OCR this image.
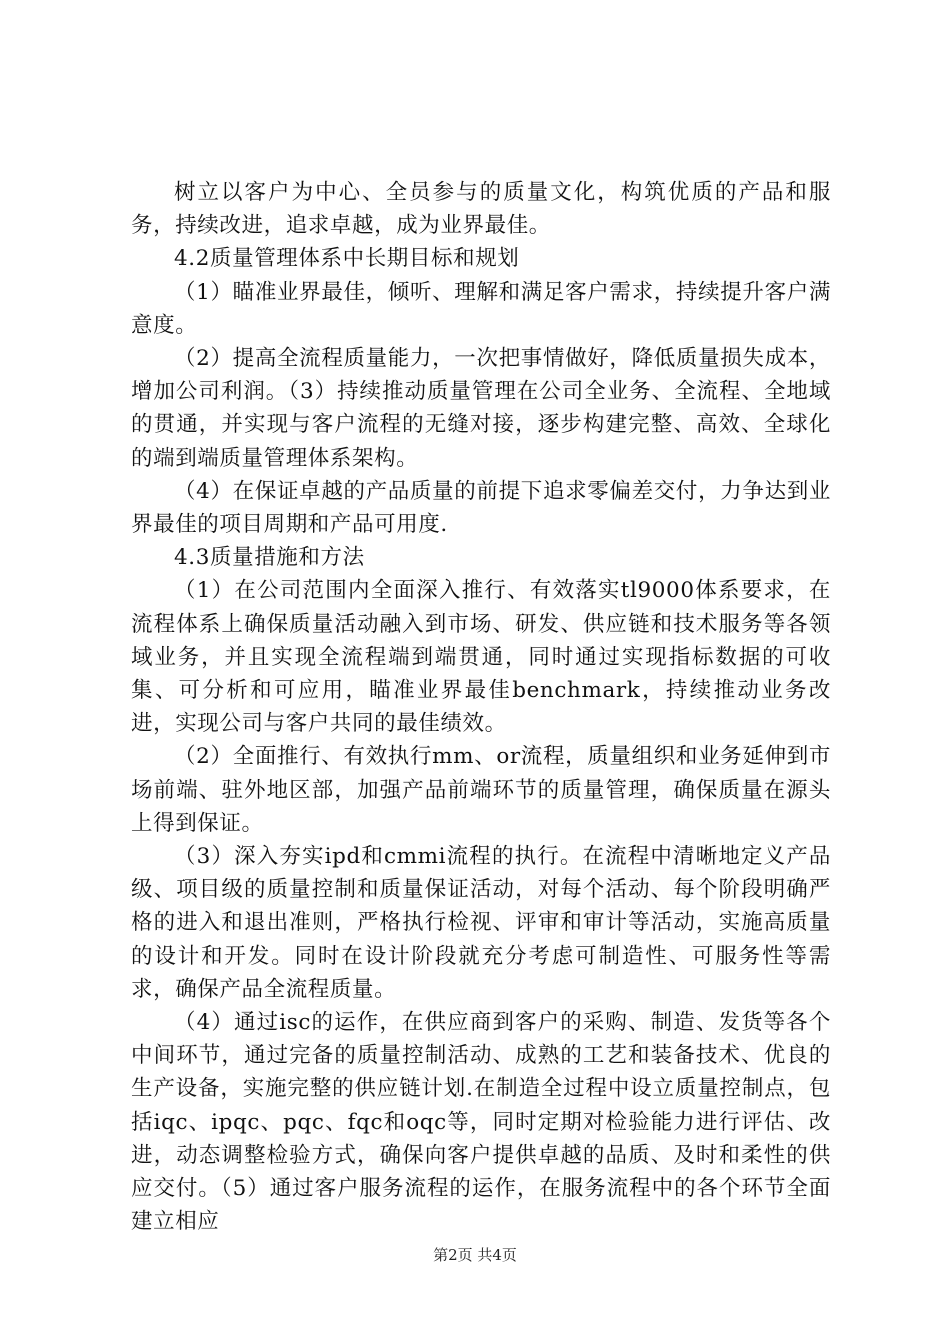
树立以客户为中心、全员参与的质量文化，构筑优质的产品和服务，持续改进，追求卓越，成为业界最佳。

4.2质量管理体系中长期目标和规划

（1）瞄准业界最佳，倾听、理解和满足客户需求，持续提升客户满意度。

（2）提高全流程质量能力，一次把事情做好，降低质量损失成本，增加公司利润。（3）持续推动质量管理在公司全业务、全流程、全地域的贯通，并实现与客户流程的无缝对接，逐步构建完整、高效、全球化的端到端质量管理体系架构。

（4）在保证卓越的产品质量的前提下追求零偏差交付，力争达到业界最佳的项目周期和产品可用度.

4.3质量措施和方法

（1）在公司范围内全面深入推行、有效落实tl9000体系要求，在流程体系上确保质量活动融入到市场、研发、供应链和技术服务等各领域业务，并且实现全流程端到端贯通，同时通过实现指标数据的可收集、可分析和可应用，瞄准业界最佳benchmark，持续推动业务改进，实现公司与客户共同的最佳绩效。

（2）全面推行、有效执行mm、or流程，质量组织和业务延伸到市场前端、驻外地区部，加强产品前端环节的质量管理，确保质量在源头上得到保证。

（3）深入夯实ipd和cmmi流程的执行。在流程中清晰地定义产品级、项目级的质量控制和质量保证活动，对每个活动、每个阶段明确严格的进入和退出准则，严格执行检视、评审和审计等活动，实施高质量的设计和开发。同时在设计阶段就充分考虑可制造性、可服务性等需求，确保产品全流程质量。

（4）通过isc的运作，在供应商到客户的采购、制造、发货等各个中间环节，通过完备的质量控制活动、成熟的工艺和装备技术、优良的生产设备，实施完整的供应链计划.在制造全过程中设立质量控制点，包括iqc、ipqc、pqc、fqc和oqc等，同时定期对检验能力进行评估、改进，动态调整检验方式，确保向客户提供卓越的品质、及时和柔性的供应交付。（5）通过客户服务流程的运作，在服务流程中的各个环节全面建立相应

第2页 共4页
